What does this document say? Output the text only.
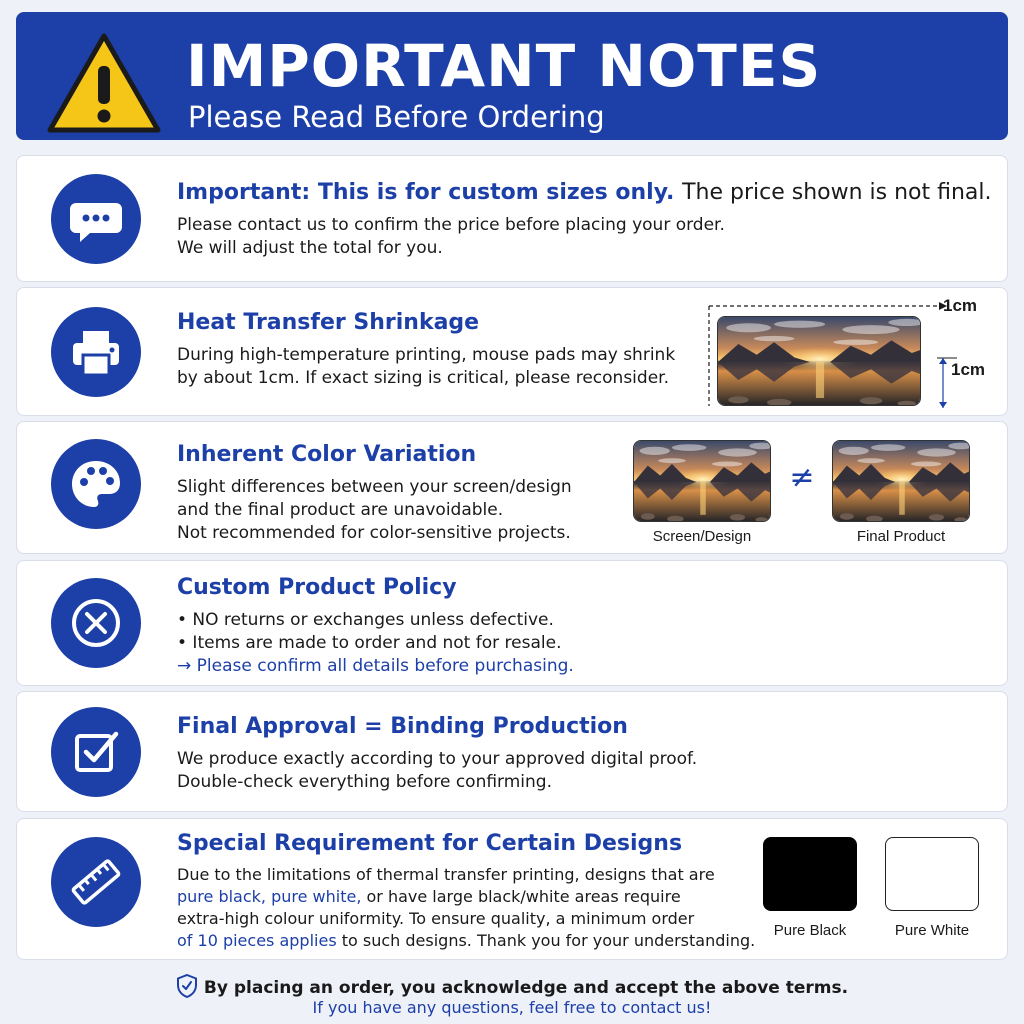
IMPORTANT NOTES
Please Read Before Ordering
Important: This is for custom sizes only. The price shown is not final.
Please contact us to confirm the price before placing your order.
We will adjust the total for you.
Heat Transfer Shrinkage
During high-temperature printing, mouse pads may shrink
by about 1cm. If exact sizing is critical, please reconsider.
1cm
1cm
Inherent Color Variation
Slight differences between your screen/design
and the final product are unavoidable.
Not recommended for color-sensitive projects.	Screen/Design
≠
Final Product
Custom Product Policy
• NO returns or exchanges unless defective.
• Items are made to order and not for resale.
→ Please confirm all details before purchasing.
Final Approval = Binding Production
We produce exactly according to your approved digital proof.
Double-check everything before confirming.
Special Requirement for Certain Designs
Due to the limitations of thermal transfer printing, designs that are
pure black, pure white, or have large black/white areas require
extra-high colour uniformity. To ensure quality, a minimum order
of 10 pieces applies to such designs. Thank you for your understanding.
Pure Black	Pure White
By placing an order, you acknowledge and accept the above terms.
If you have any questions, feel free to contact us!
